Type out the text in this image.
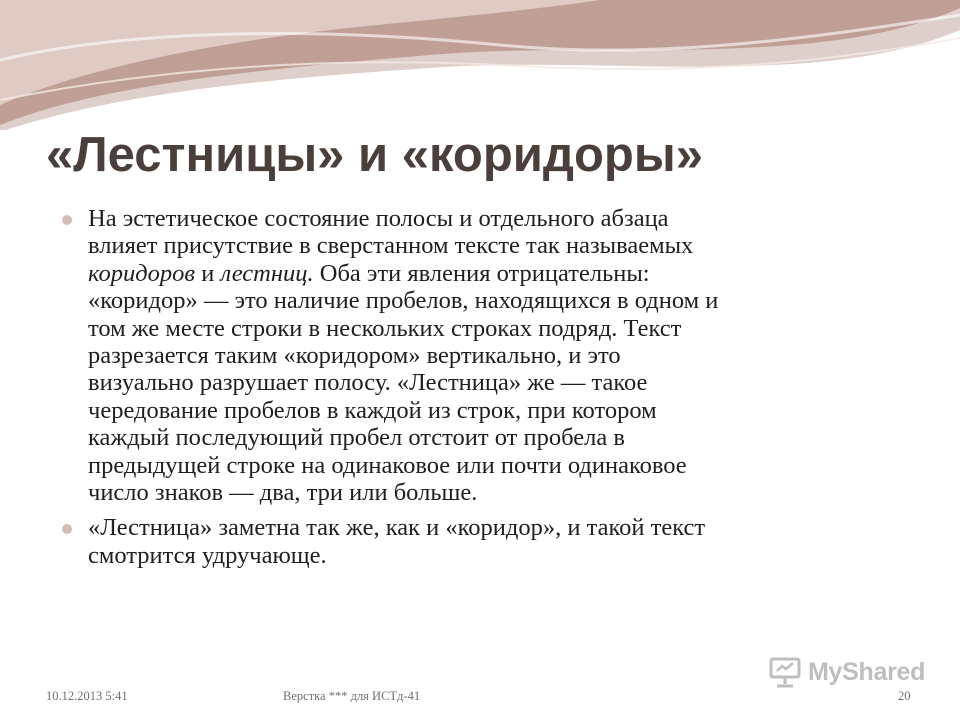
«Лестницы» и «коридоры»
На эстетическое состояние полосы и отдельного абзаца
влияет присутствие в сверстанном тексте так называемых
коридоров и лестниц. Оба эти явления отрицательны:
«коридор» — это наличие пробелов, находящихся в одном и
том же месте строки в нескольких строках подряд. Текст
разрезается таким «коридором» вертикально, и это
визуально разрушает полосу. «Лестница» же — такое
чередование пробелов в каждой из строк, при котором
каждый последующий пробел отстоит от пробела в
предыдущей строке на одинаковое или почти одинаковое
число знаков — два, три или больше.
«Лестница» заметна так же, как и «коридор», и такой текст
смотрится удручающе.
10.12.2013 5:41	Верстка *** для ИСТд-41	20
MyShared
